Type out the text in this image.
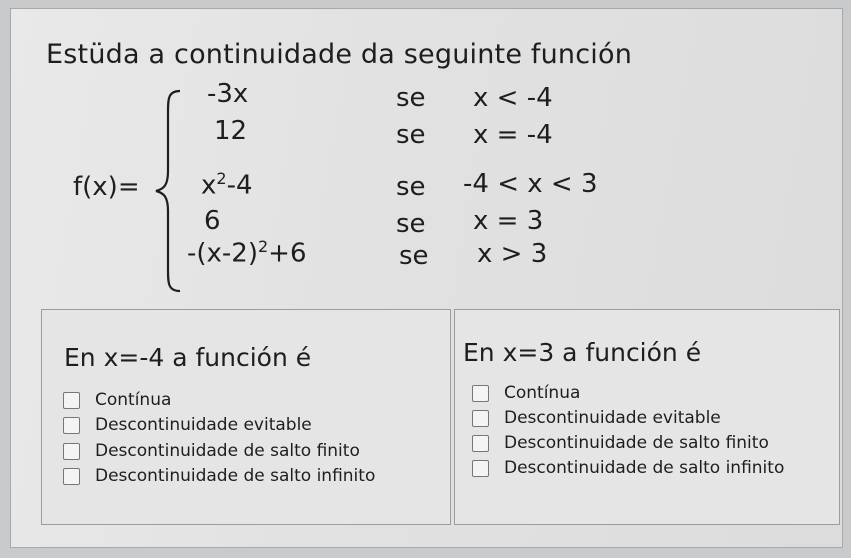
Estüda a continuidade da seguinte función
f(x)=
-3x	se x < -4
12	se x = -4
$x^2-4$	se -4 < x < 3
6	se x = 3
$-(x-2)^2+6$	se x > 3
En x=-4 a función é
Contínua
Descontinuidade evitable
Descontinuidade de salto finito
Descontinuidade de salto infinito
En x=3 a función é
Contínua
Descontinuidade evitable
Descontinuidade de salto finito
Descontinuidade de salto infinito
